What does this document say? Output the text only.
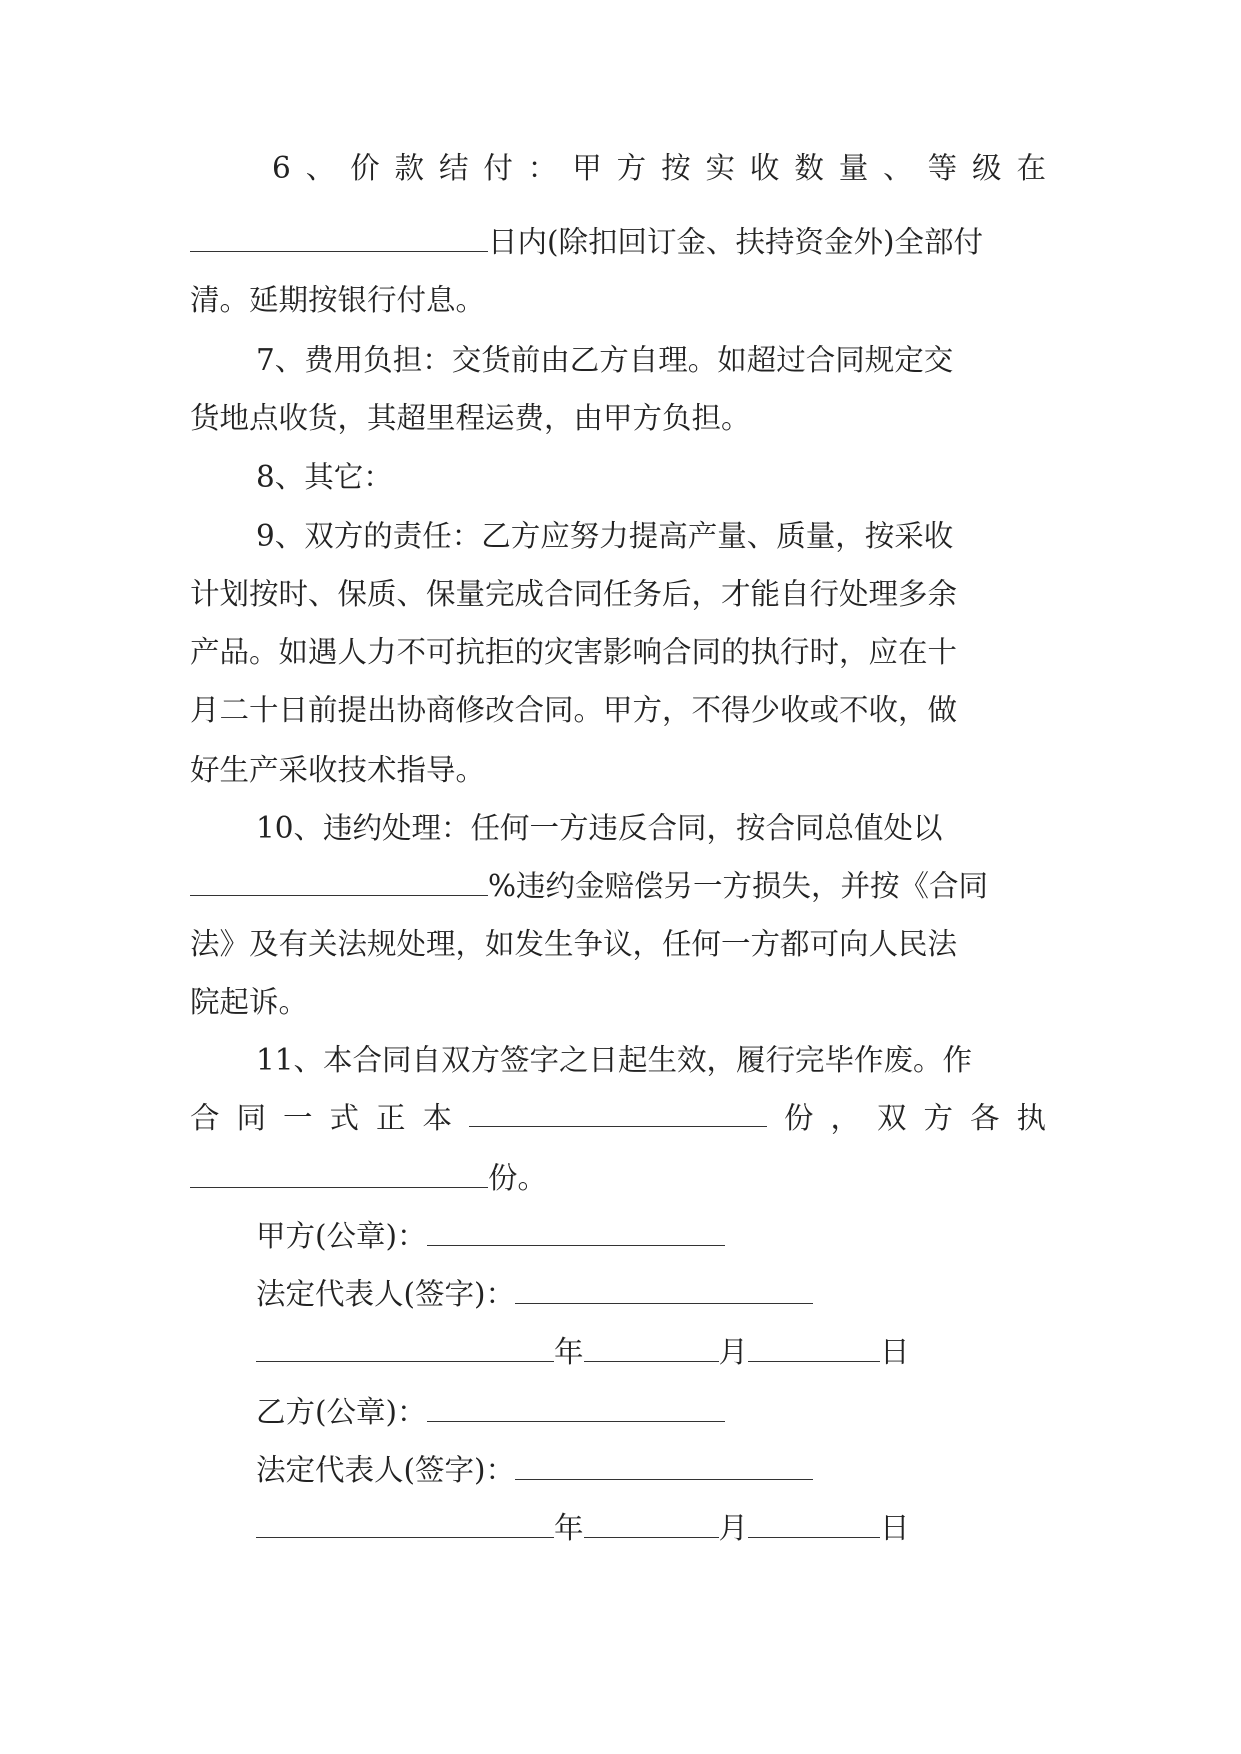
6 、 价 款 结 付 ： 甲 方 按 实 收 数 量 、 等 级 在
日内(除扣回订金、扶持资金外)全部付
清。延期按银行付息。
7、费用负担：交货前由乙方自理。如超过合同规定交
货地点收货，其超里程运费，由甲方负担。
8、其它：
9、双方的责任：乙方应努力提高产量、质量，按采收
计划按时、保质、保量完成合同任务后，才能自行处理多余
产品。如遇人力不可抗拒的灾害影响合同的执行时，应在十
月二十日前提出协商修改合同。甲方，不得少收或不收，做
好生产采收技术指导。
10、违约处理：任何一方违反合同，按合同总值处以
%违约金赔偿另一方损失，并按《合同
法》及有关法规处理，如发生争议，任何一方都可向人民法
院起诉。
11、本合同自双方签字之日起生效，履行完毕作废。作
合 同 一 式 正 本	份 ， 双 方 各 执
份。
甲方(公章)：
法定代表人(签字)：
年	月	日
乙方(公章)：
法定代表人(签字)：
年	月	日
